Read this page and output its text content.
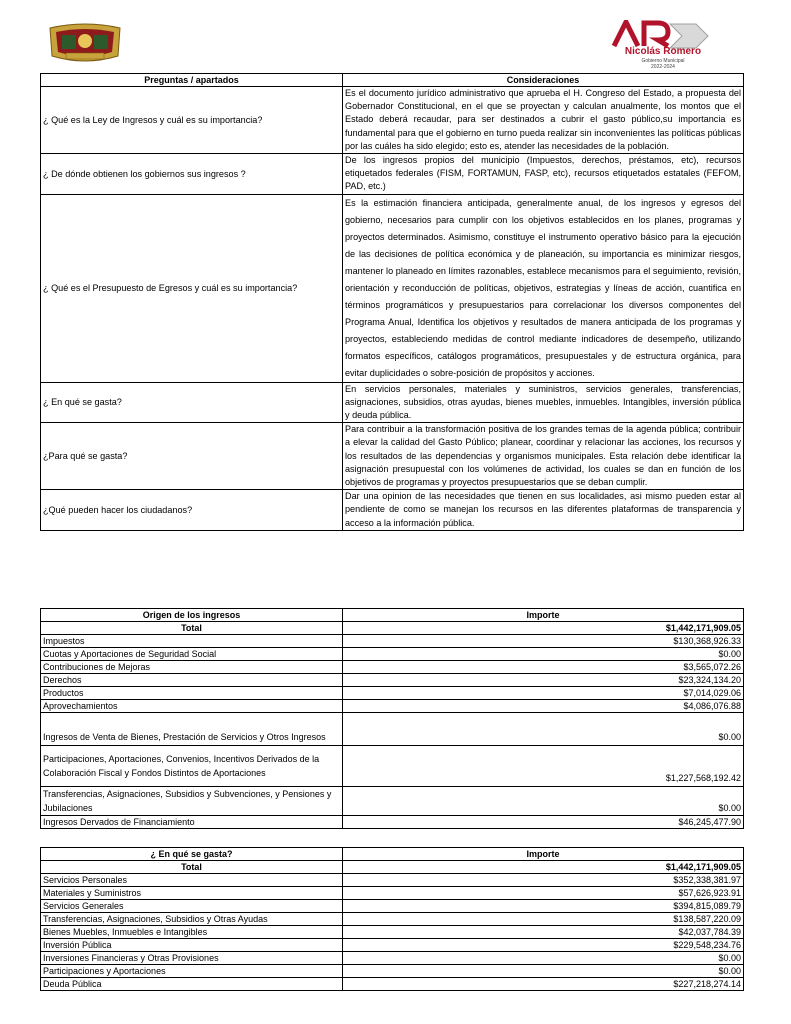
Nicolás Romero
Gobierno Municipal
2022-2024
Preguntas / apartados	Consideraciones
¿ Qué es la Ley de Ingresos y cuál es su importancia?	Es el documento jurídico administrativo que aprueba el H. Congreso del Estado, a propuesta del Gobernador Constitucional, en el que se proyectan y calculan anualmente, los montos que el Estado deberá recaudar, para ser destinados a cubrir el gasto público,su importancia es fundamental para que el gobierno en turno pueda realizar sin inconvenientes las políticas públicas por las cuáles ha sido elegido; esto es, atender las necesidades de la población.
¿ De dónde obtienen los gobiernos sus ingresos ?	De los ingresos propios del municipio (Impuestos, derechos, préstamos, etc), recursos etiquetados federales (FISM, FORTAMUN, FASP, etc), recursos etiquetados estatales (FEFOM, PAD, etc.)
¿ Qué es el Presupuesto de Egresos y cuál es su importancia?	Es la estimación financiera anticipada, generalmente anual, de los ingresos y egresos del gobierno, necesarios para cumplir con los objetivos establecidos en los planes, programas y proyectos determinados. Asimismo, constituye el instrumento operativo básico para la ejecución de las decisiones de política económica y de planeación, su importancia es minimizar riesgos, mantener lo planeado en límites razonables, establece mecanismos para el seguimiento, revisión, orientación y reconducción de políticas, objetivos, estrategias y líneas de acción, cuantifica en términos programáticos y presupuestarios para correlacionar los diversos componentes del Programa Anual, Identifica los objetivos y resultados de manera anticipada de los programas y proyectos, estableciendo medidas de control mediante indicadores de desempeño, utilizando formatos específicos, catálogos programáticos, presupuestales y de estructura orgánica, para evitar duplicidades o sobre-posición de propósitos y acciones.
¿ En qué se gasta?	En servicios personales, materiales y suministros, servicios generales, transferencias, asignaciones, subsidios, otras ayudas, bienes muebles, inmuebles. Intangibles, inversión pública y deuda pública.
¿Para qué se gasta?	Para contribuir a la transformación positiva de los grandes temas de la agenda pública; contribuir a elevar la calidad del Gasto Público; planear, coordinar y relacionar las acciones, los recursos y los resultados de las dependencias y organismos municipales. Esta relación debe identificar la asignación presupuestal con los volúmenes de actividad, los cuales se dan en función de los objetivos de programas y proyectos presupuestarios que se deban cumplir.
¿Qué pueden hacer los ciudadanos?	Dar una opinion de las necesidades que tienen en sus localidades, asi mismo pueden estar al pendiente de como se manejan los recursos en las diferentes plataformas de transparencia y acceso a la información pública.
Origen de los ingresos	Importe
Total	$1,442,171,909.05
Impuestos	$130,368,926.33
Cuotas y Aportaciones de Seguridad Social	$0.00
Contribuciones de Mejoras	$3,565,072.26
Derechos	$23,324,134.20
Productos	$7,014,029.06
Aprovechamientos	$4,086,076.88
Ingresos de Venta de Bienes, Prestación de Servicios y Otros Ingresos	$0.00
Participaciones, Aportaciones, Convenios, Incentivos Derivados de la Colaboración Fiscal y Fondos Distintos de Aportaciones	$1,227,568,192.42
Transferencias, Asignaciones, Subsidios y Subvenciones, y Pensiones y Jubilaciones	$0.00
Ingresos Dervados de Financiamiento	$46,245,477.90
¿ En qué se gasta?	Importe
Total	$1,442,171,909.05
Servicios Personales	$352,338,381.97
Materiales y Suministros	$57,626,923.91
Servicios Generales	$394,815,089.79
Transferencias, Asignaciones, Subsidios y Otras Ayudas	$138,587,220.09
Bienes Muebles, Inmuebles e Intangibles	$42,037,784.39
Inversión Pública	$229,548,234.76
Inversiones Financieras y Otras Provisiones	$0.00
Participaciones y Aportaciones	$0.00
Deuda Pública	$227,218,274.14
